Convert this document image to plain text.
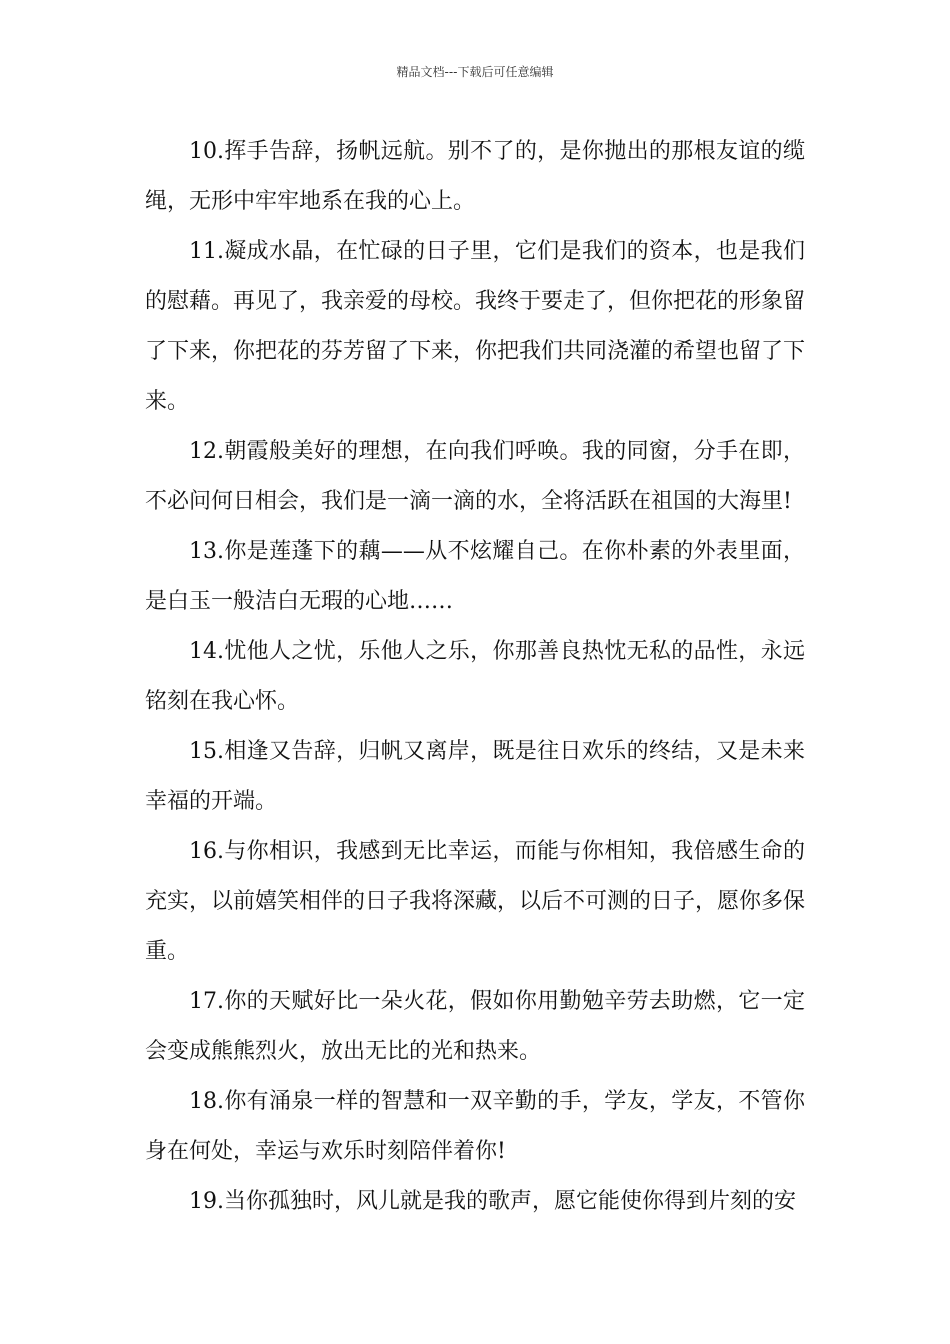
精品文档---下载后可任意编辑

10.挥手告辞，扬帆远航。别不了的，是你抛出的那根友谊的缆绳，无形中牢牢地系在我的心上。

11.凝成水晶，在忙碌的日子里，它们是我们的资本，也是我们的慰藉。再见了，我亲爱的母校。我终于要走了，但你把花的形象留了下来，你把花的芬芳留了下来，你把我们共同浇灌的希望也留了下来。

12.朝霞般美好的理想，在向我们呼唤。我的同窗，分手在即，不必问何日相会，我们是一滴一滴的水，全将活跃在祖国的大海里!

13.你是莲蓬下的藕——从不炫耀自己。在你朴素的外表里面，是白玉一般洁白无瑕的心地……

14.忧他人之忧，乐他人之乐，你那善良热忱无私的品性，永远铭刻在我心怀。

15.相逢又告辞，归帆又离岸，既是往日欢乐的终结，又是未来幸福的开端。

16.与你相识，我感到无比幸运，而能与你相知，我倍感生命的充实，以前嬉笑相伴的日子我将深藏，以后不可测的日子，愿你多保重。

17.你的天赋好比一朵火花，假如你用勤勉辛劳去助燃，它一定会变成熊熊烈火，放出无比的光和热来。

18.你有涌泉一样的智慧和一双辛勤的手，学友，学友，不管你身在何处，幸运与欢乐时刻陪伴着你!

19.当你孤独时，风儿就是我的歌声，愿它能使你得到片刻的安
